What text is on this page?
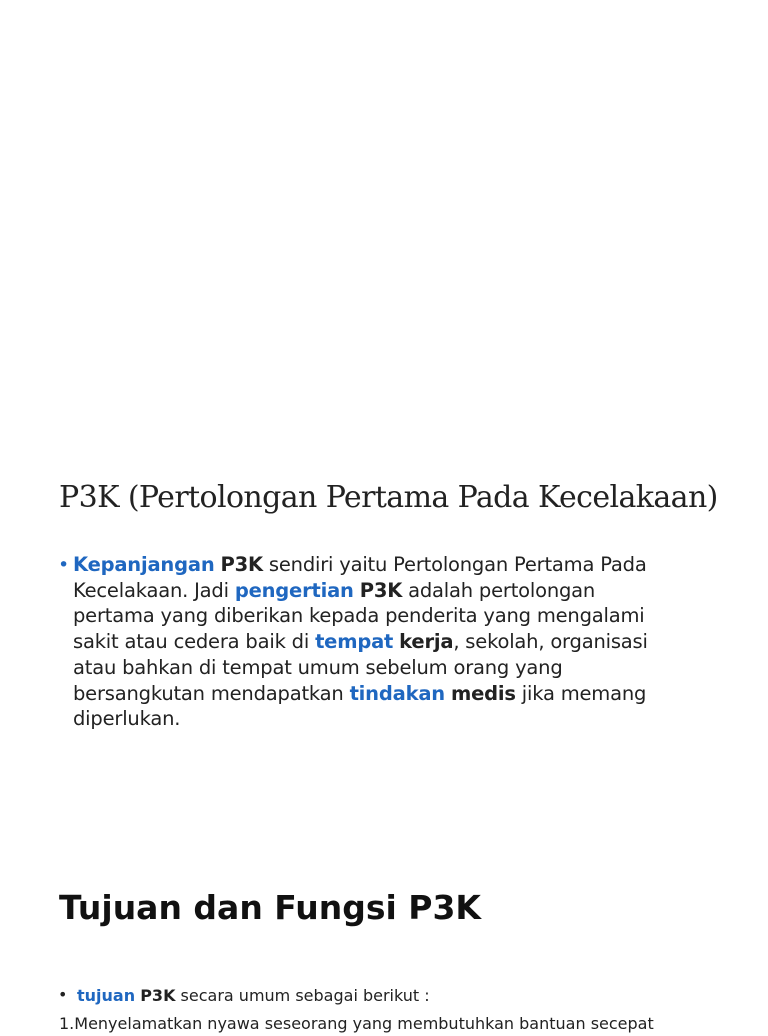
P3K (Pertolongan Pertama Pada Kecelakaan)
• Kepanjangan P3K sendiri yaitu Pertolongan Pertama Pada
Kecelakaan. Jadi pengertian P3K adalah pertolongan
pertama yang diberikan kepada penderita yang mengalami
sakit atau cedera baik di tempat kerja, sekolah, organisasi
atau bahkan di tempat umum sebelum orang yang
bersangkutan mendapatkan tindakan medis jika memang
diperlukan.
Tujuan dan Fungsi P3K
• tujuan P3K secara umum sebagai berikut :
1.Menyelamatkan nyawa seseorang yang membutuhkan bantuan secepat
